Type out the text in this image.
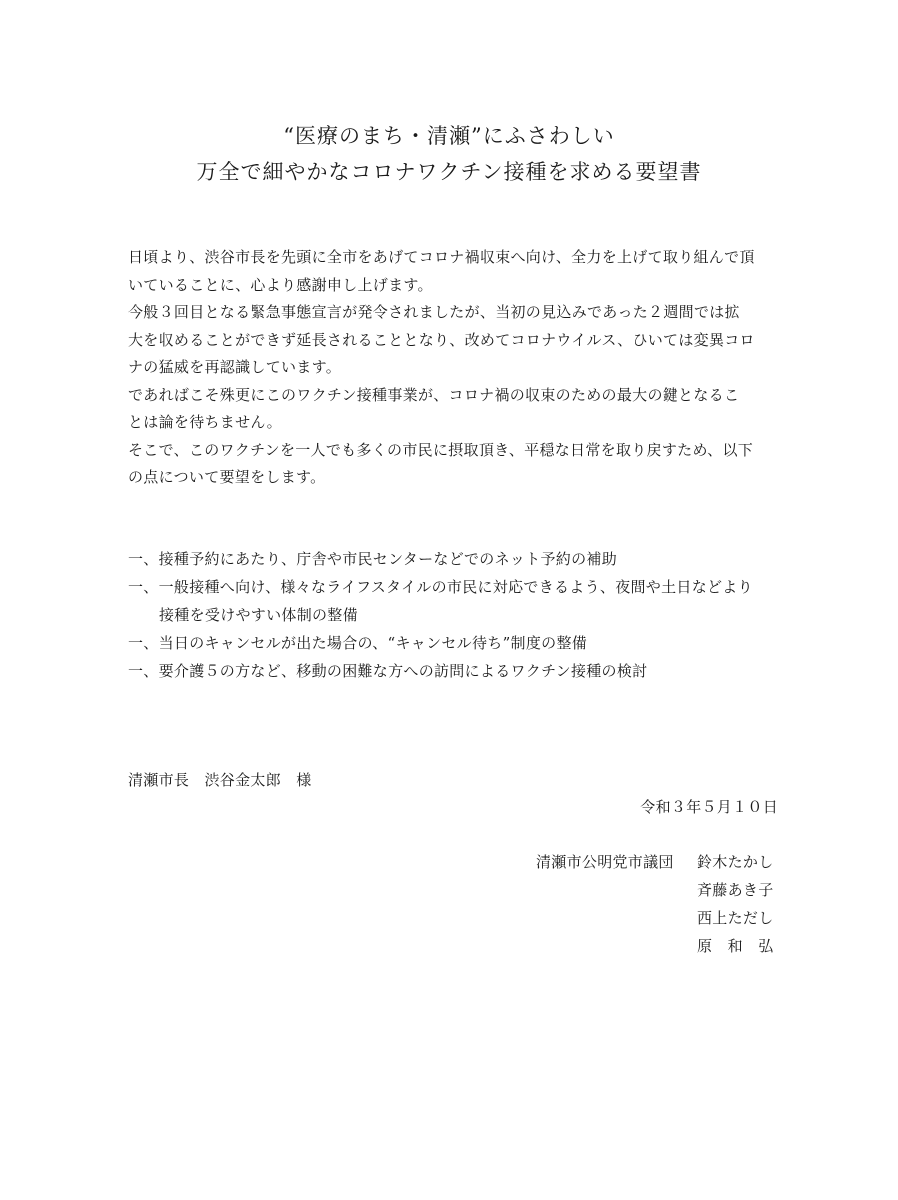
“医療のまち・清瀬”にふさわしい
万全で細やかなコロナワクチン接種を求める要望書
日頃より、渋谷市長を先頭に全市をあげてコロナ禍収束へ向け、全力を上げて取り組んで頂
いていることに、心より感謝申し上げます。
今般３回目となる緊急事態宣言が発令されましたが、当初の見込みであった２週間では拡
大を収めることができず延長されることとなり、改めてコロナウイルス、ひいては変異コロ
ナの猛威を再認識しています。
であればこそ殊更にこのワクチン接種事業が、コロナ禍の収束のための最大の鍵となるこ
とは論を待ちません。
そこで、このワクチンを一人でも多くの市民に摂取頂き、平穏な日常を取り戻すため、以下
の点について要望をします。
一、接種予約にあたり、庁舎や市民センターなどでのネット予約の補助
一、一般接種へ向け、様々なライフスタイルの市民に対応できるよう、夜間や土日などより
接種を受けやすい体制の整備
一、当日のキャンセルが出た場合の、“キャンセル待ち”制度の整備
一、要介護５の方など、移動の困難な方への訪問によるワクチン接種の検討
清瀬市長　渋谷金太郎　様
令和３年５月１０日
清瀬市公明党市議団 鈴木たかし
斉藤あき子
西上ただし
原　和　弘
